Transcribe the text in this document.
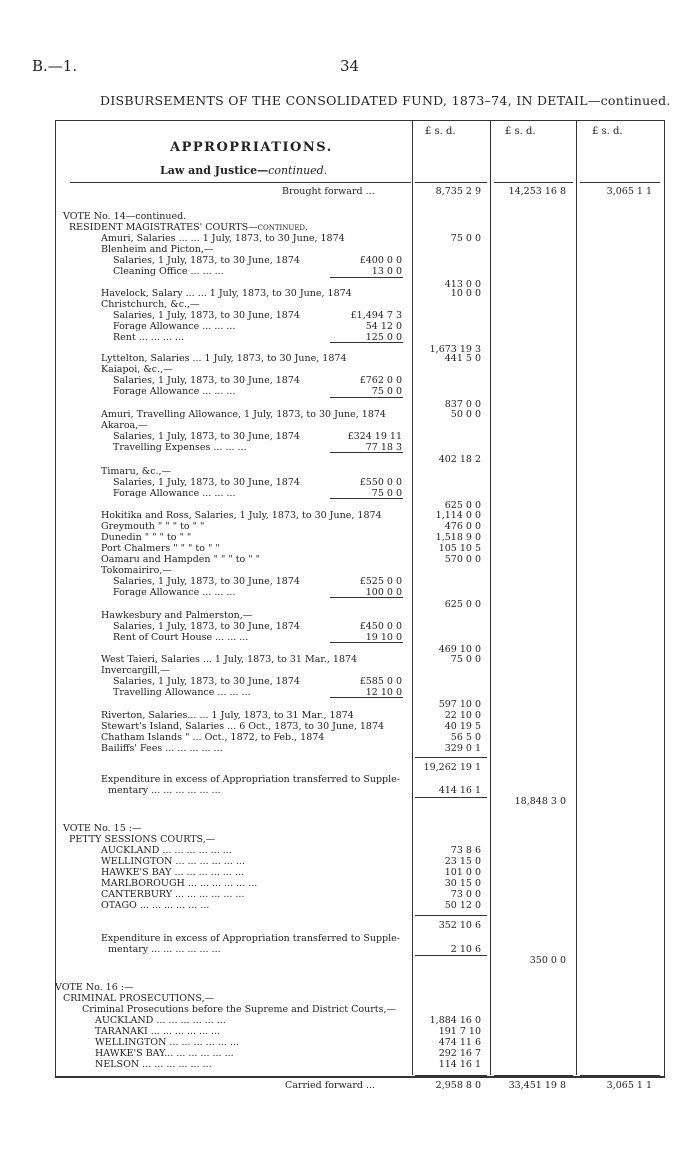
B.—1.	34
DISBURSEMENTS OF THE CONSOLIDATED FUND, 1873–74, IN DETAIL—continued.
£ s. d.	£ s. d.	£ s. d.
APPROPRIATIONS.
Law and Justice—continued.
Brought forward ...	8,735 2 9	14,253 16 8	3,065 1 1
VOTE No. 14—continued.
RESIDENT MAGISTRATES' COURTS—continued.
Amuri, Salaries ... ... 1 July, 1873, to 30 June, 1874	75 0 0
Blenheim and Picton,—
Salaries, 1 July, 1873, to 30 June, 1874	£400 0 0
Cleaning Office ... ... ...	13 0 0
413 0 0
Havelock, Salary ... ... 1 July, 1873, to 30 June, 1874	10 0 0
Christchurch, &c.,—
Salaries, 1 July, 1873, to 30 June, 1874	£1,494 7 3
Forage Allowance ... ... ...	54 12 0
Rent ... ... ... ...	125 0 0
1,673 19 3
Lyttelton, Salaries ... 1 July, 1873, to 30 June, 1874	441 5 0
Kaiapoi, &c.,—
Salaries, 1 July, 1873, to 30 June, 1874	£762 0 0
Forage Allowance ... ... ...	75 0 0
837 0 0
Amuri, Travelling Allowance, 1 July, 1873, to 30 June, 1874	50 0 0
Akaroa,—
Salaries, 1 July, 1873, to 30 June, 1874	£324 19 11
Travelling Expenses ... ... ...	77 18 3
402 18 2
Timaru, &c.,—
Salaries, 1 July, 1873, to 30 June, 1874	£550 0 0
Forage Allowance ... ... ...	75 0 0
625 0 0
Hokitika and Ross, Salaries, 1 July, 1873, to 30 June, 1874	1,114 0 0
Greymouth " " " to " "	476 0 0
Dunedin " " " to " "	1,518 9 0
Port Chalmers " " " to " "	105 10 5
Oamaru and Hampden " " " to " "	570 0 0
Tokomairiro,—
Salaries, 1 July, 1873, to 30 June, 1874	£525 0 0
Forage Allowance ... ... ...	100 0 0
625 0 0
Hawkesbury and Palmerston,—
Salaries, 1 July, 1873, to 30 June, 1874	£450 0 0
Rent of Court House ... ... ...	19 10 0
469 10 0
West Taieri, Salaries ... 1 July, 1873, to 31 Mar., 1874	75 0 0
Invercargill,—
Salaries, 1 July, 1873, to 30 June, 1874	£585 0 0
Travelling Allowance ... ... ...	12 10 0
597 10 0
Riverton, Salaries... ... 1 July, 1873, to 31 Mar., 1874	22 10 0
Stewart's Island, Salaries ... 6 Oct., 1873, to 30 June, 1874	40 19 5
Chatham Islands " ... Oct., 1872, to Feb., 1874	56 5 0
Bailiffs' Fees ... ... ... ... ...	329 0 1
19,262 19 1
Expenditure in excess of Appropriation transferred to Supple-
mentary ... ... ... ... ... ...	414 16 1
18,848 3 0
VOTE No. 15 :—
PETTY SESSIONS COURTS,—
AUCKLAND ... ... ... ... ... ...	73 8 6
WELLINGTON ... ... ... ... ... ...	23 15 0
HAWKE'S BAY ... ... ... ... ... ...	101 0 0
MARLBOROUGH ... ... ... ... ... ...	30 15 0
CANTERBURY ... ... ... ... ... ...	73 0 0
OTAGO ... ... ... ... ... ...	50 12 0
352 10 6
Expenditure in excess of Appropriation transferred to Supple-
mentary ... ... ... ... ... ...	2 10 6
350 0 0
VOTE No. 16 :—
CRIMINAL PROSECUTIONS,—
Criminal Prosecutions before the Supreme and District Courts,—
AUCKLAND ... ... ... ... ... ...	1,884 16 0
TARANAKI ... ... ... ... ... ...	191 7 10
WELLINGTON ... ... ... ... ... ...	474 11 6
HAWKE'S BAY... ... ... ... ... ...	292 16 7
NELSON ... ... ... ... ... ...	114 16 1
Carried forward ...	2,958 8 0	33,451 19 8	3,065 1 1
